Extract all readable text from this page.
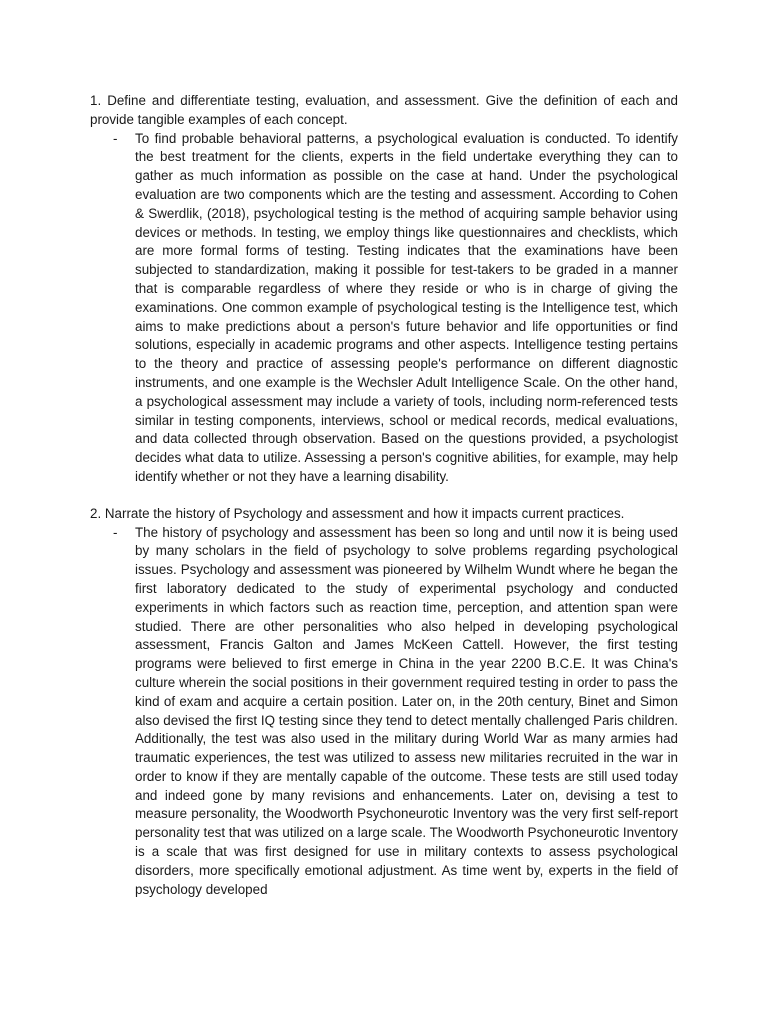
1. Define and differentiate testing, evaluation, and assessment. Give the definition of each and provide tangible examples of each concept.

- To find probable behavioral patterns, a psychological evaluation is conducted. To identify the best treatment for the clients, experts in the field undertake everything they can to gather as much information as possible on the case at hand. Under the psychological evaluation are two components which are the testing and assessment. According to Cohen & Swerdlik, (2018), psychological testing is the method of acquiring sample behavior using devices or methods. In testing, we employ things like questionnaires and checklists, which are more formal forms of testing. Testing indicates that the examinations have been subjected to standardization, making it possible for test-takers to be graded in a manner that is comparable regardless of where they reside or who is in charge of giving the examinations. One common example of psychological testing is the Intelligence test, which aims to make predictions about a person's future behavior and life opportunities or find solutions, especially in academic programs and other aspects. Intelligence testing pertains to the theory and practice of assessing people's performance on different diagnostic instruments, and one example is the Wechsler Adult Intelligence Scale. On the other hand, a psychological assessment may include a variety of tools, including norm-referenced tests similar in testing components, interviews, school or medical records, medical evaluations, and data collected through observation. Based on the questions provided, a psychologist decides what data to utilize. Assessing a person's cognitive abilities, for example, may help identify whether or not they have a learning disability.

2. Narrate the history of Psychology and assessment and how it impacts current practices.

- The history of psychology and assessment has been so long and until now it is being used by many scholars in the field of psychology to solve problems regarding psychological issues. Psychology and assessment was pioneered by Wilhelm Wundt where he began the first laboratory dedicated to the study of experimental psychology and conducted experiments in which factors such as reaction time, perception, and attention span were studied. There are other personalities who also helped in developing psychological assessment, Francis Galton and James McKeen Cattell. However, the first testing programs were believed to first emerge in China in the year 2200 B.C.E. It was China's culture wherein the social positions in their government required testing in order to pass the kind of exam and acquire a certain position. Later on, in the 20th century, Binet and Simon also devised the first IQ testing since they tend to detect mentally challenged Paris children. Additionally, the test was also used in the military during World War as many armies had traumatic experiences, the test was utilized to assess new militaries recruited in the war in order to know if they are mentally capable of the outcome. These tests are still used today and indeed gone by many revisions and enhancements. Later on, devising a test to measure personality, the Woodworth Psychoneurotic Inventory was the very first self-report personality test that was utilized on a large scale. The Woodworth Psychoneurotic Inventory is a scale that was first designed for use in military contexts to assess psychological disorders, more specifically emotional adjustment. As time went by, experts in the field of psychology developed
